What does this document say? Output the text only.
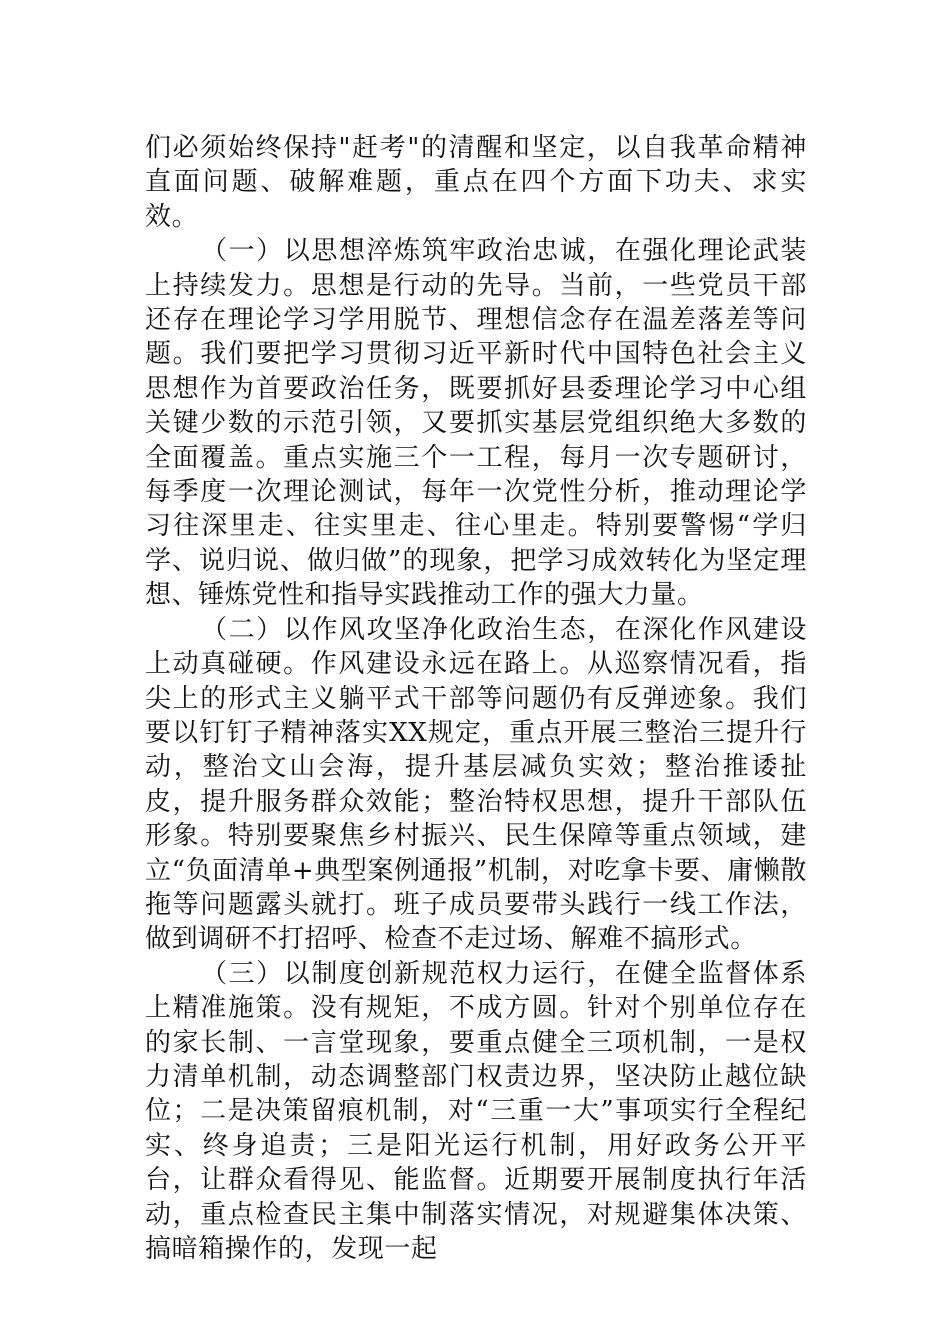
们必须始终保持"赶考"的清醒和坚定，以自我革命精神直面问题、破解难题，重点在四个方面下功夫、求实效。

（一）以思想淬炼筑牢政治忠诚，在强化理论武装上持续发力。思想是行动的先导。当前，一些党员干部还存在理论学习学用脱节、理想信念存在温差落差等问题。我们要把学习贯彻习近平新时代中国特色社会主义思想作为首要政治任务，既要抓好县委理论学习中心组关键少数的示范引领，又要抓实基层党组织绝大多数的全面覆盖。重点实施三个一工程，每月一次专题研讨，每季度一次理论测试，每年一次党性分析，推动理论学习往深里走、往实里走、往心里走。特别要警惕“学归学、说归说、做归做”的现象，把学习成效转化为坚定理想、锤炼党性和指导实践推动工作的强大力量。

（二）以作风攻坚净化政治生态，在深化作风建设上动真碰硬。作风建设永远在路上。从巡察情况看，指尖上的形式主义躺平式干部等问题仍有反弹迹象。我们要以钉钉子精神落实XX规定，重点开展三整治三提升行动，整治文山会海，提升基层减负实效；整治推诿扯皮，提升服务群众效能；整治特权思想，提升干部队伍形象。特别要聚焦乡村振兴、民生保障等重点领域，建立“负面清单+典型案例通报”机制，对吃拿卡要、庸懒散拖等问题露头就打。班子成员要带头践行一线工作法，做到调研不打招呼、检查不走过场、解难不搞形式。

（三）以制度创新规范权力运行，在健全监督体系上精准施策。没有规矩，不成方圆。针对个别单位存在的家长制、一言堂现象，要重点健全三项机制，一是权力清单机制，动态调整部门权责边界，坚决防止越位缺位；二是决策留痕机制，对“三重一大”事项实行全程纪实、终身追责；三是阳光运行机制，用好政务公开平台，让群众看得见、能监督。近期要开展制度执行年活动，重点检查民主集中制落实情况，对规避集体决策、搞暗箱操作的，发现一起
